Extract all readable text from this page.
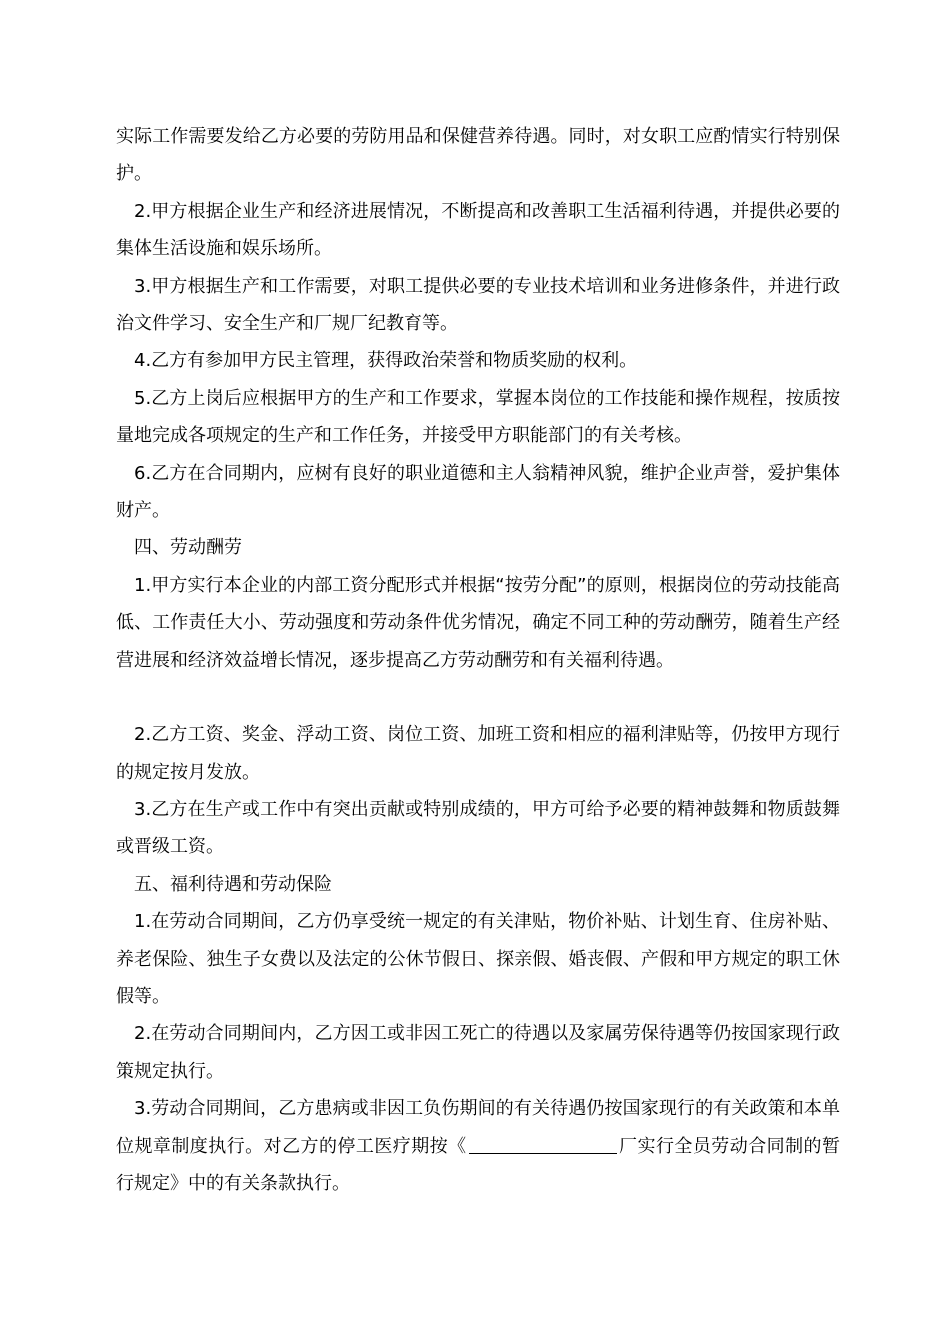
实际工作需要发给乙方必要的劳防用品和保健营养待遇。同时，对女职工应酌情实行特别保护。

2.甲方根据企业生产和经济进展情况，不断提高和改善职工生活福利待遇，并提供必要的集体生活设施和娱乐场所。

3.甲方根据生产和工作需要，对职工提供必要的专业技术培训和业务进修条件，并进行政治文件学习、安全生产和厂规厂纪教育等。

4.乙方有参加甲方民主管理，获得政治荣誉和物质奖励的权利。

5.乙方上岗后应根据甲方的生产和工作要求，掌握本岗位的工作技能和操作规程，按质按量地完成各项规定的生产和工作任务，并接受甲方职能部门的有关考核。

6.乙方在合同期内，应树有良好的职业道德和主人翁精神风貌，维护企业声誉，爱护集体财产。

四、劳动酬劳

1.甲方实行本企业的内部工资分配形式并根据“按劳分配”的原则，根据岗位的劳动技能高低、工作责任大小、劳动强度和劳动条件优劣情况，确定不同工种的劳动酬劳，随着生产经营进展和经济效益增长情况，逐步提高乙方劳动酬劳和有关福利待遇。

2.乙方工资、奖金、浮动工资、岗位工资、加班工资和相应的福利津贴等，仍按甲方现行的规定按月发放。

3.乙方在生产或工作中有突出贡献或特别成绩的，甲方可给予必要的精神鼓舞和物质鼓舞或晋级工资。

五、福利待遇和劳动保险

1.在劳动合同期间，乙方仍享受统一规定的有关津贴，物价补贴、计划生育、住房补贴、养老保险、独生子女费以及法定的公休节假日、探亲假、婚丧假、产假和甲方规定的职工休假等。

2.在劳动合同期间内，乙方因工或非因工死亡的待遇以及家属劳保待遇等仍按国家现行政策规定执行。

3.劳动合同期间，乙方患病或非因工负伤期间的有关待遇仍按国家现行的有关政策和本单位规章制度执行。对乙方的停工医疗期按《	厂实行全员劳动合同制的暂行规定》中的有关条款执行。
